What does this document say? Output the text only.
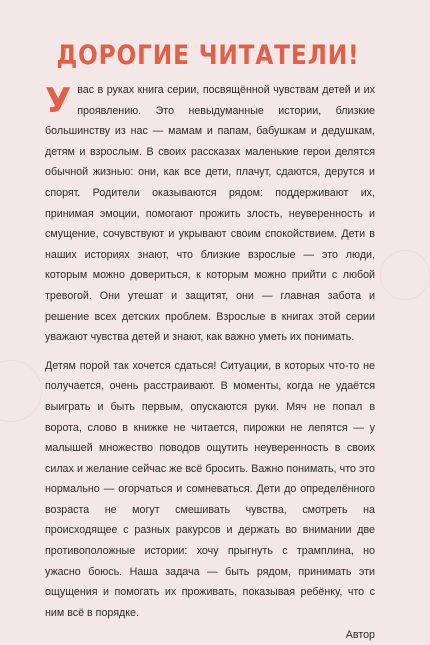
ДОРОГИЕ ЧИТАТЕЛИ!

Увас в руках книга серии, посвящённой чувствам детей и их проявлению. Это невыдуманные истории, близкие большинству из нас — мамам и папам, бабушкам и дедушкам, детям и взрослым. В своих рассказах маленькие герои делятся обычной жизнью: они, как все дети, плачут, сдаются, дерутся и спорят. Родители оказываются рядом: поддерживают их, принимая эмоции, помогают прожить злость, неуверенность и смущение, сочувствуют и укрывают своим спокойствием. Дети в наших историях знают, что близкие взрослые — это люди, которым можно довериться, к которым можно прийти с любой тревогой. Они утешат и защитят, они — главная забота и решение всех детских проблем. Взрослые в книгах этой серии уважают чувства детей и знают, как важно уметь их понимать.

Детям порой так хочется сдаться! Ситуации, в которых что-то не получается, очень расстраивают. В моменты, когда не удаётся выиграть и быть первым, опускаются руки. Мяч не попал в ворота, слово в книжке не читается, пирожки не лепятся — у малышей множество поводов ощутить неуверенность в своих силах и желание сейчас же всё бросить. Важно понимать, что это нормально — огорчаться и сомневаться. Дети до определённого возраста не могут смешивать чувства, смотреть на происходящее с разных ракурсов и держать во внимании две противоположные истории: хочу прыгнуть с трамплина, но ужасно боюсь. Наша задача — быть рядом, принимать эти ощущения и помогать их проживать, показывая ребёнку, что с ним всё в порядке.

Автор
